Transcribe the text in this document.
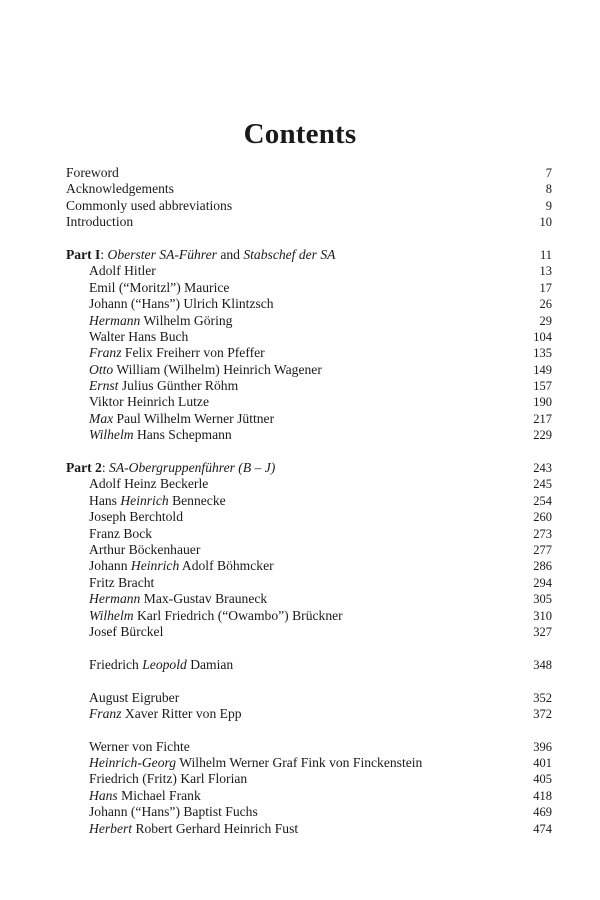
Contents
Foreword	7
Acknowledgements	8
Commonly used abbreviations	9
Introduction	10
Part I: Oberster SA-Führer and Stabschef der SA	11
Adolf Hitler	13
Emil (“Moritzl”) Maurice	17
Johann (“Hans”) Ulrich Klintzsch	26
Hermann Wilhelm Göring	29
Walter Hans Buch	104
Franz Felix Freiherr von Pfeffer	135
Otto William (Wilhelm) Heinrich Wagener	149
Ernst Julius Günther Röhm	157
Viktor Heinrich Lutze	190
Max Paul Wilhelm Werner Jüttner	217
Wilhelm Hans Schepmann	229
Part 2: SA-Obergruppenführer (B – J)	243
Adolf Heinz Beckerle	245
Hans Heinrich Bennecke	254
Joseph Berchtold	260
Franz Bock	273
Arthur Böckenhauer	277
Johann Heinrich Adolf Böhmcker	286
Fritz Bracht	294
Hermann Max-Gustav Brauneck	305
Wilhelm Karl Friedrich (“Owambo”) Brückner	310
Josef Bürckel	327
Friedrich Leopold Damian	348
August Eigruber	352
Franz Xaver Ritter von Epp	372
Werner von Fichte	396
Heinrich-Georg Wilhelm Werner Graf Fink von Finckenstein	401
Friedrich (Fritz) Karl Florian	405
Hans Michael Frank	418
Johann (“Hans”) Baptist Fuchs	469
Herbert Robert Gerhard Heinrich Fust	474
